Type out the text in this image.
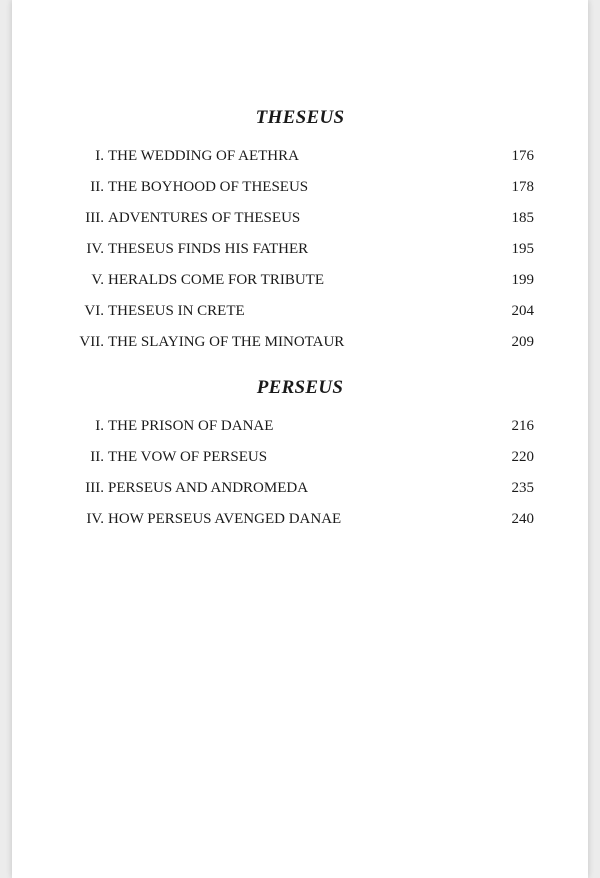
THESEUS
I. THE WEDDING OF AETHRA	176
II. THE BOYHOOD OF THESEUS	178
III. ADVENTURES OF THESEUS	185
IV. THESEUS FINDS HIS FATHER	195
V. HERALDS COME FOR TRIBUTE	199
VI. THESEUS IN CRETE	204
VII. THE SLAYING OF THE MINOTAUR	209
PERSEUS
I. THE PRISON OF DANAE	216
II. THE VOW OF PERSEUS	220
III. PERSEUS AND ANDROMEDA	235
IV. HOW PERSEUS AVENGED DANAE	240
